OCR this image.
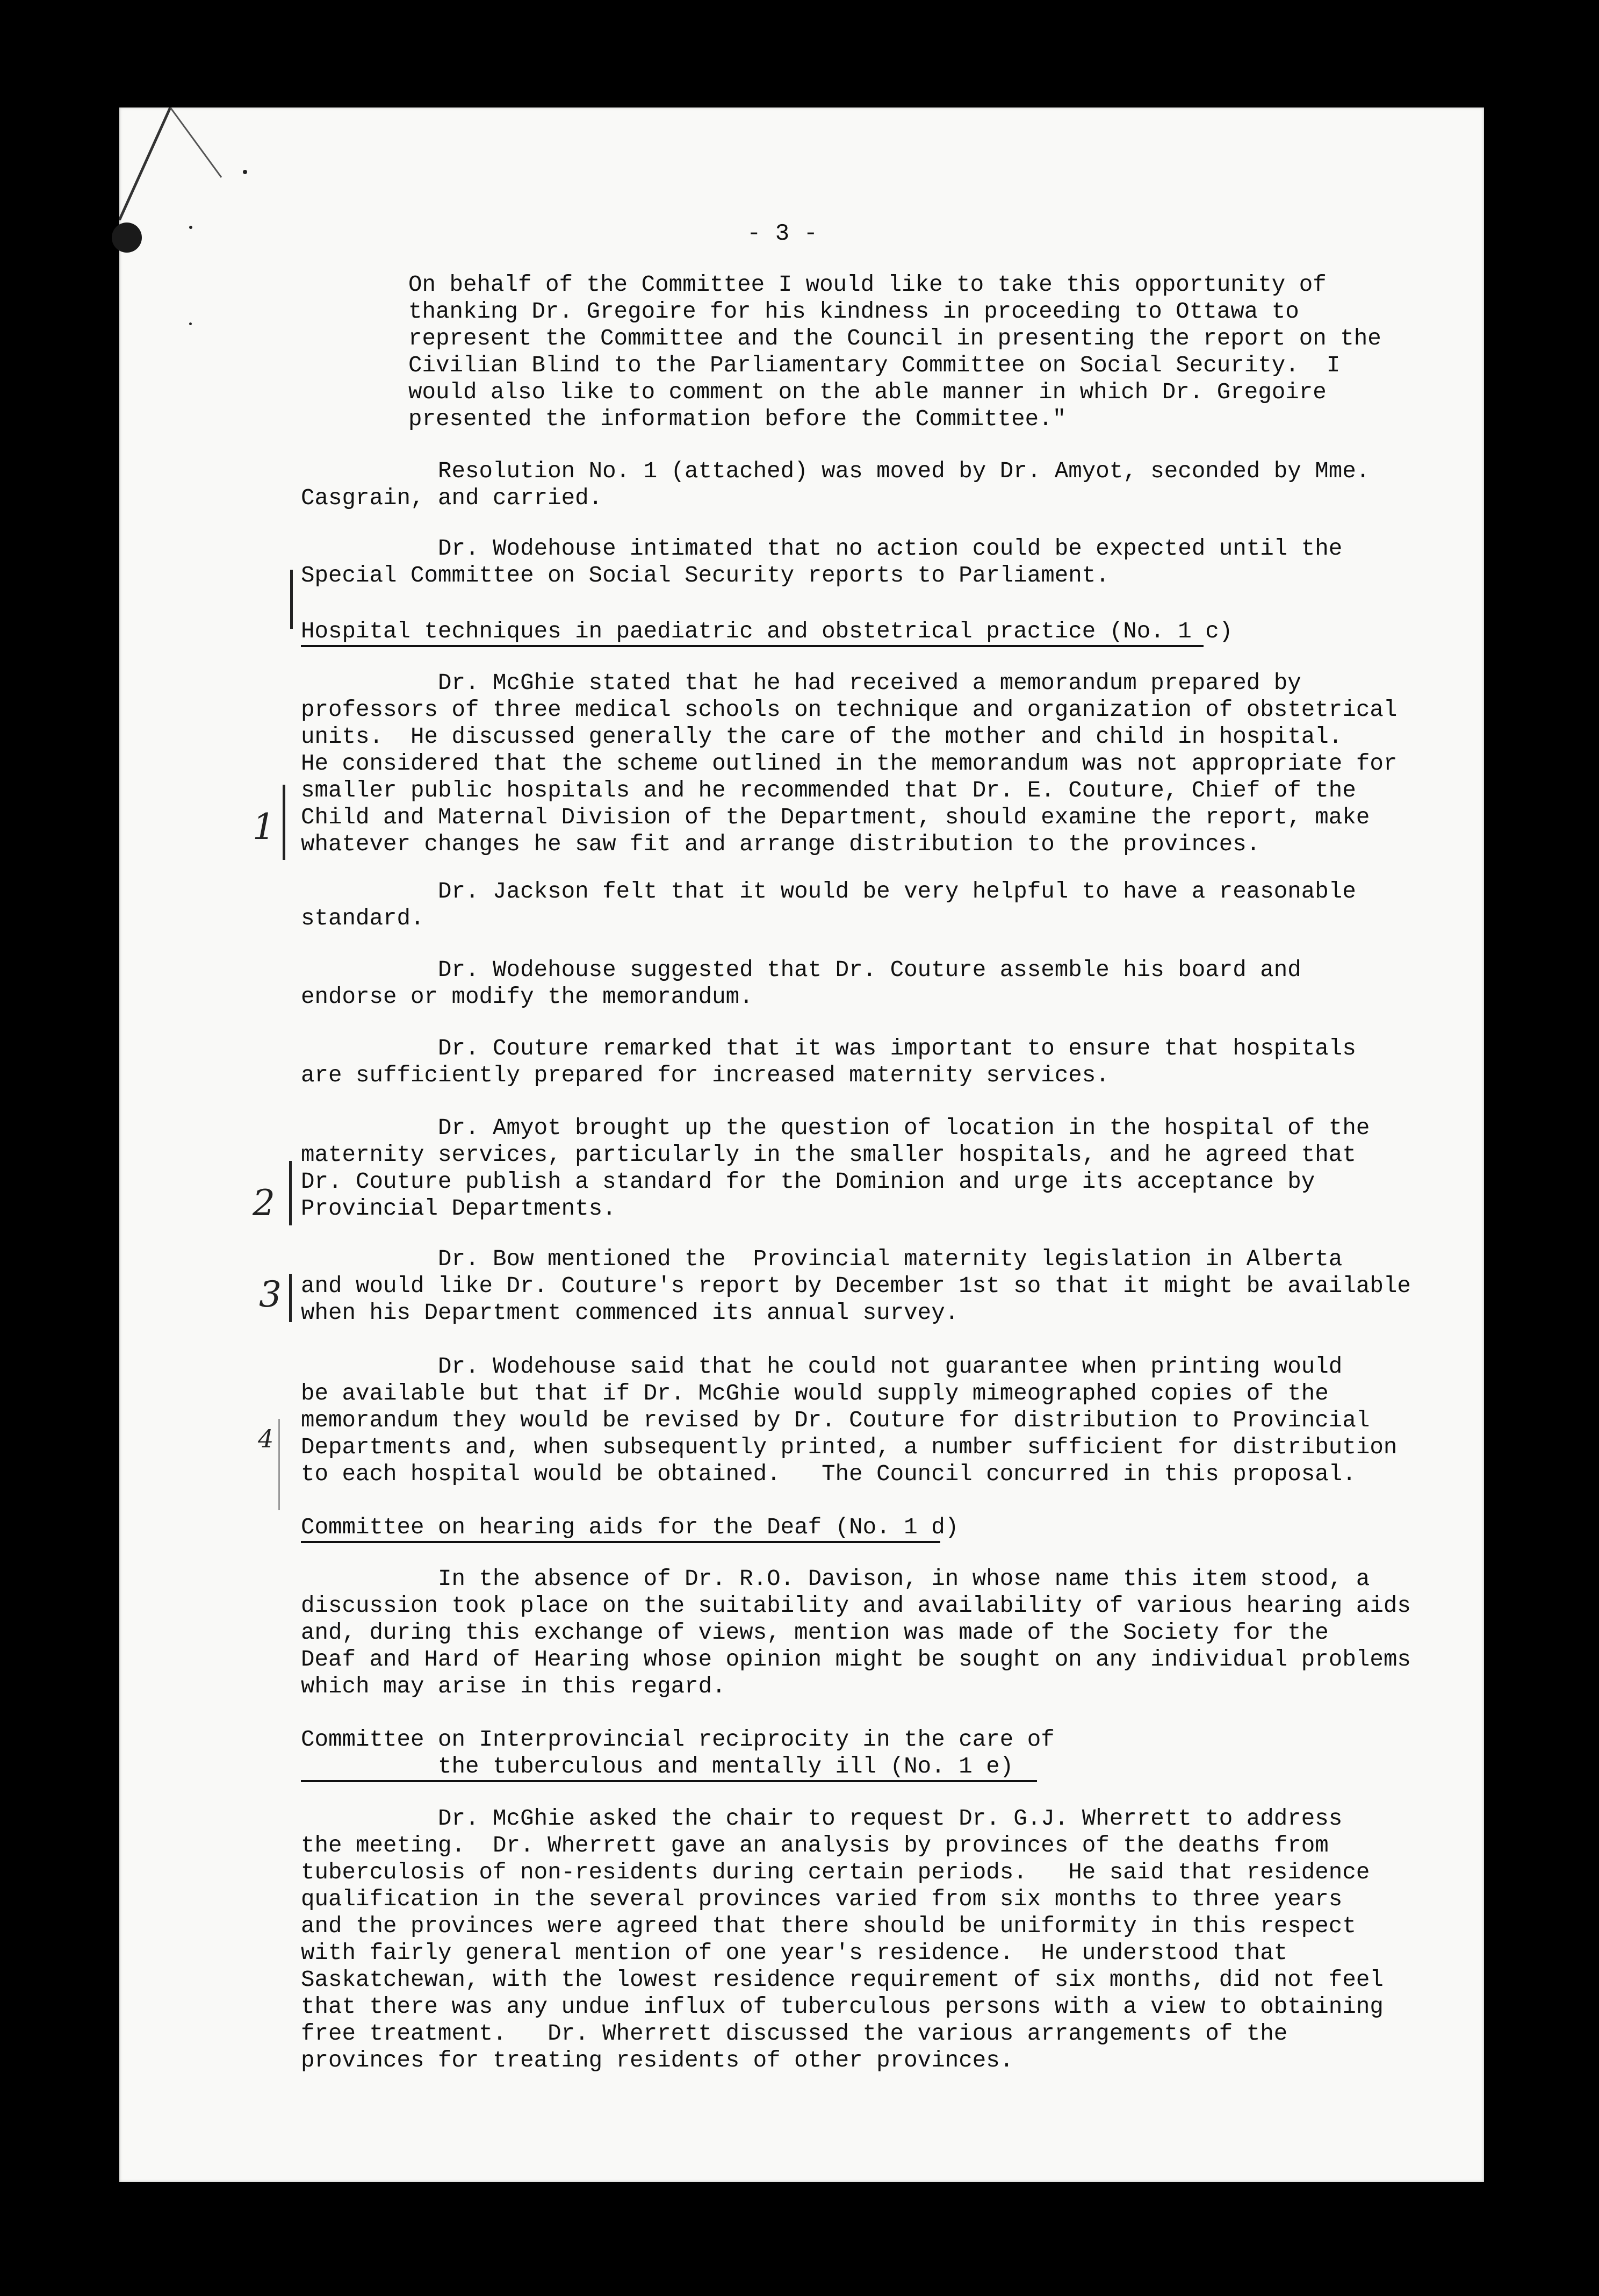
- 3 -
On behalf of the Committee I would like to take this opportunity of
thanking Dr. Gregoire for his kindness in proceeding to Ottawa to
represent the Committee and the Council in presenting the report on the
Civilian Blind to the Parliamentary Committee on Social Security.  I
would also like to comment on the able manner in which Dr. Gregoire
presented the information before the Committee."
Resolution No. 1 (attached) was moved by Dr. Amyot, seconded by Mme.
Casgrain, and carried.
Dr. Wodehouse intimated that no action could be expected until the
Special Committee on Social Security reports to Parliament.
Hospital techniques in paediatric and obstetrical practice (No. 1 c)
Dr. McGhie stated that he had received a memorandum prepared by
professors of three medical schools on technique and organization of obstetrical
units.  He discussed generally the care of the mother and child in hospital.
He considered that the scheme outlined in the memorandum was not appropriate for
smaller public hospitals and he recommended that Dr. E. Couture, Chief of the
Child and Maternal Division of the Department, should examine the report, make
whatever changes he saw fit and arrange distribution to the provinces.
Dr. Jackson felt that it would be very helpful to have a reasonable
standard.
Dr. Wodehouse suggested that Dr. Couture assemble his board and
endorse or modify the memorandum.
Dr. Couture remarked that it was important to ensure that hospitals
are sufficiently prepared for increased maternity services.
Dr. Amyot brought up the question of location in the hospital of the
maternity services, particularly in the smaller hospitals, and he agreed that
Dr. Couture publish a standard for the Dominion and urge its acceptance by
Provincial Departments.
Dr. Bow mentioned the  Provincial maternity legislation in Alberta
and would like Dr. Couture's report by December 1st so that it might be available
when his Department commenced its annual survey.
Dr. Wodehouse said that he could not guarantee when printing would
be available but that if Dr. McGhie would supply mimeographed copies of the
memorandum they would be revised by Dr. Couture for distribution to Provincial
Departments and, when subsequently printed, a number sufficient for distribution
to each hospital would be obtained.   The Council concurred in this proposal.
Committee on hearing aids for the Deaf (No. 1 d)
In the absence of Dr. R.O. Davison, in whose name this item stood, a
discussion took place on the suitability and availability of various hearing aids
and, during this exchange of views, mention was made of the Society for the
Deaf and Hard of Hearing whose opinion might be sought on any individual problems
which may arise in this regard.
Committee on Interprovincial reciprocity in the care of
the tuberculous and mentally ill (No. 1 e)
Dr. McGhie asked the chair to request Dr. G.J. Wherrett to address
the meeting.  Dr. Wherrett gave an analysis by provinces of the deaths from
tuberculosis of non-residents during certain periods.   He said that residence
qualification in the several provinces varied from six months to three years
and the provinces were agreed that there should be uniformity in this respect
with fairly general mention of one year's residence.  He understood that
Saskatchewan, with the lowest residence requirement of six months, did not feel
that there was any undue influx of tuberculous persons with a view to obtaining
free treatment.   Dr. Wherrett discussed the various arrangements of the
provinces for treating residents of other provinces.
1
2
3
4
